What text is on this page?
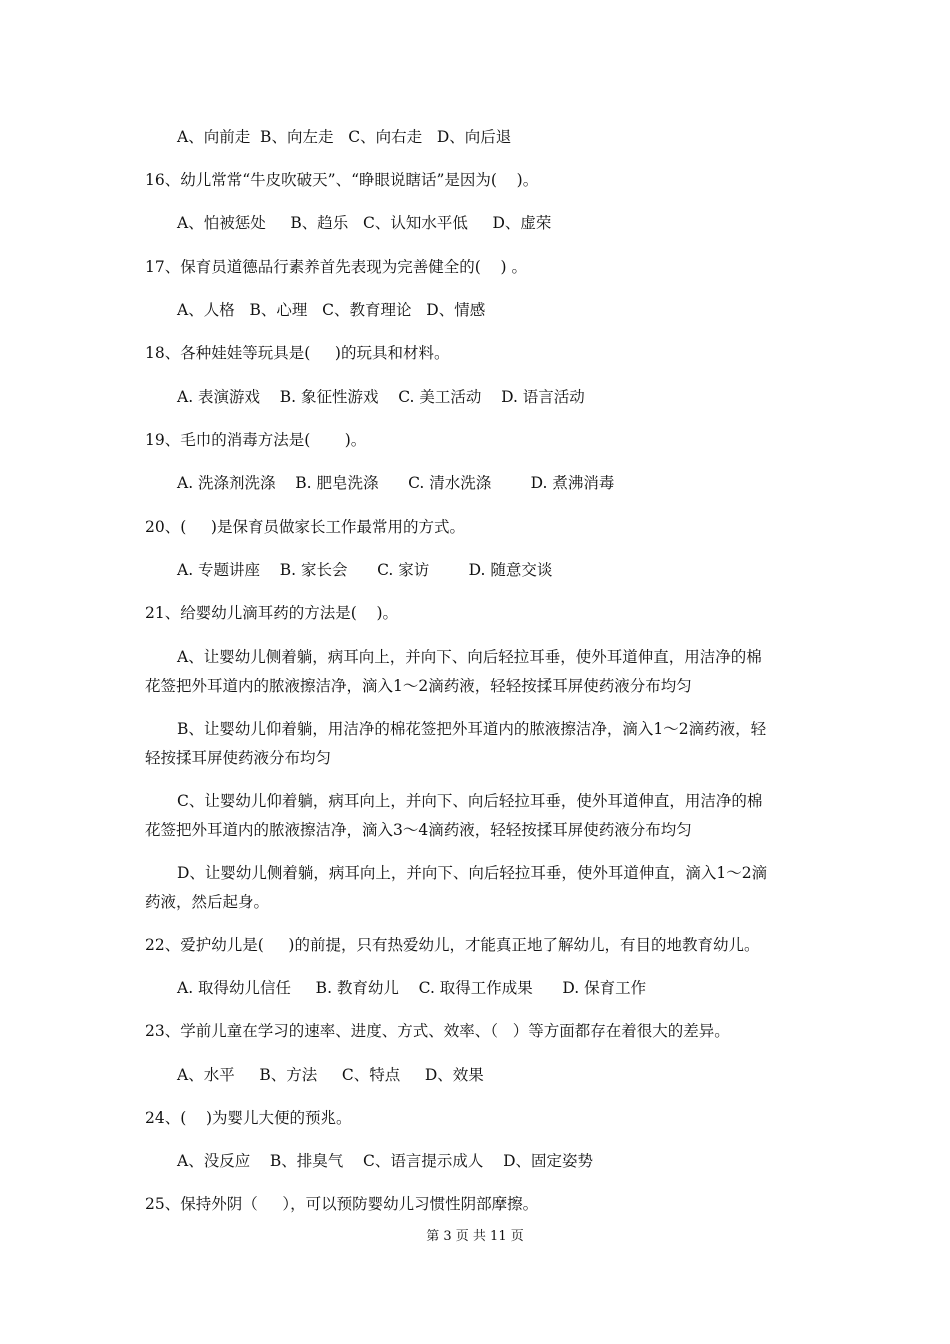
A、向前走  B、向左走   C、向右走   D、向后退
16、幼儿常常“牛皮吹破天”、“睁眼说瞎话”是因为(    )。
A、怕被惩处     B、趋乐   C、认知水平低     D、虚荣
17、保育员道德品行素养首先表现为完善健全的(    ) 。
A、人格   B、心理   C、教育理论   D、情感
18、各种娃娃等玩具是(     )的玩具和材料。
A. 表演游戏    B. 象征性游戏    C. 美工活动    D. 语言活动
19、毛巾的消毒方法是(       )。
A. 洗涤剂洗涤    B. 肥皂洗涤      C. 清水洗涤        D. 煮沸消毒
20、(     )是保育员做家长工作最常用的方式。
A. 专题讲座    B. 家长会      C. 家访        D. 随意交谈
21、给婴幼儿滴耳药的方法是(    )。
A、让婴幼儿侧着躺，病耳向上，并向下、向后轻拉耳垂，使外耳道伸直，用洁净的棉
花签把外耳道内的脓液擦洁净，滴入1～2滴药液，轻轻按揉耳屏使药液分布均匀
B、让婴幼儿仰着躺，用洁净的棉花签把外耳道内的脓液擦洁净，滴入1～2滴药液，轻
轻按揉耳屏使药液分布均匀
C、让婴幼儿仰着躺，病耳向上，并向下、向后轻拉耳垂，使外耳道伸直，用洁净的棉
花签把外耳道内的脓液擦洁净，滴入3～4滴药液，轻轻按揉耳屏使药液分布均匀
D、让婴幼儿侧着躺，病耳向上，并向下、向后轻拉耳垂，使外耳道伸直，滴入1～2滴
药液，然后起身。
22、爱护幼儿是(     )的前提，只有热爱幼儿，才能真正地了解幼儿，有目的地教育幼儿。
A. 取得幼儿信任     B. 教育幼儿    C. 取得工作成果      D. 保育工作
23、学前儿童在学习的速率、进度、方式、效率、（   ）等方面都存在着很大的差异。
A、水平     B、方法     C、特点     D、效果
24、(    )为婴儿大便的预兆。
A、没反应    B、排臭气    C、语言提示成人    D、固定姿势
25、保持外阴（     ），可以预防婴幼儿习惯性阴部摩擦。
第 3 页 共 11 页
